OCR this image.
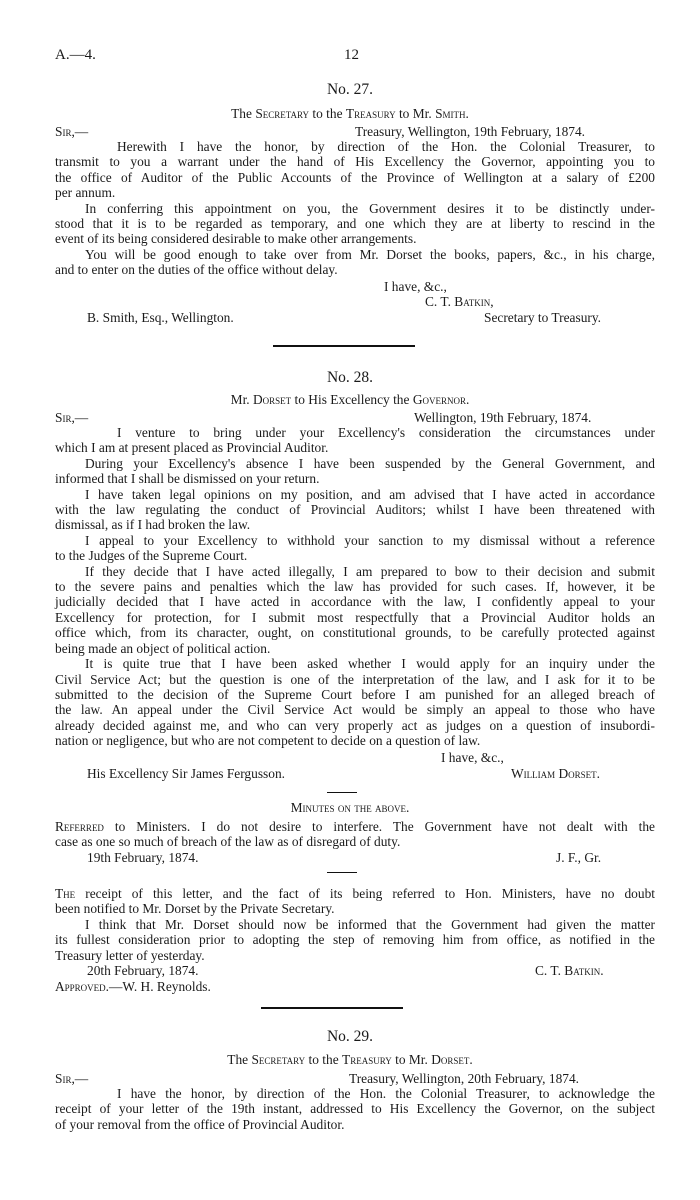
A.—4.	12
No. 27.
The Secretary to the Treasury to Mr. Smith.
Sir,—	Treasury, Wellington, 19th February, 1874.

Herewith I have the honor, by direction of the Hon. the Colonial Treasurer, to

transmit to you a warrant under the hand of His Excellency the Governor, appointing you to

the office of Auditor of the Public Accounts of the Province of Wellington at a salary of £200

per annum.

In conferring this appointment on you, the Government desires it to be distinctly under-

stood that it is to be regarded as temporary, and one which they are at liberty to rescind in the

event of its being considered desirable to make other arrangements.

You will be good enough to take over from Mr. Dorset the books, papers, &c., in his charge,

and to enter on the duties of the office without delay.

I have, &c.,
C. T. Batkin,
B. Smith, Esq., Wellington.	Secretary to Treasury.
No. 28.
Mr. Dorset to His Excellency the Governor.
Sir,—	Wellington, 19th February, 1874.

I venture to bring under your Excellency's consideration the circumstances under

which I am at present placed as Provincial Auditor.

During your Excellency's absence I have been suspended by the General Government, and

informed that I shall be dismissed on your return.

I have taken legal opinions on my position, and am advised that I have acted in accordance

with the law regulating the conduct of Provincial Auditors; whilst I have been threatened with

dismissal, as if I had broken the law.

I appeal to your Excellency to withhold your sanction to my dismissal without a reference

to the Judges of the Supreme Court.

If they decide that I have acted illegally, I am prepared to bow to their decision and submit

to the severe pains and penalties which the law has provided for such cases. If, however, it be

judicially decided that I have acted in accordance with the law, I confidently appeal to your

Excellency for protection, for I submit most respectfully that a Provincial Auditor holds an

office which, from its character, ought, on constitutional grounds, to be carefully protected against

being made an object of political action.

It is quite true that I have been asked whether I would apply for an inquiry under the

Civil Service Act; but the question is one of the interpretation of the law, and I ask for it to be

submitted to the decision of the Supreme Court before I am punished for an alleged breach of

the law. An appeal under the Civil Service Act would be simply an appeal to those who have

already decided against me, and who can very properly act as judges on a question of insubordi-

nation or negligence, but who are not competent to decide on a question of law.

I have, &c.,
His Excellency Sir James Fergusson.	William Dorset.
Minutes on the above.

Referred to Ministers. I do not desire to interfere. The Government have not dealt with the

case as one so much of breach of the law as of disregard of duty.

19th February, 1874.	J. F., Gr.

The receipt of this letter, and the fact of its being referred to Hon. Ministers, have no doubt

been notified to Mr. Dorset by the Private Secretary.

I think that Mr. Dorset should now be informed that the Government had given the matter

its fullest consideration prior to adopting the step of removing him from office, as notified in the

Treasury letter of yesterday.

20th February, 1874.	C. T. Batkin.
Approved.—W. H. Reynolds.
No. 29.
The Secretary to the Treasury to Mr. Dorset.
Sir,—	Treasury, Wellington, 20th February, 1874.

I have the honor, by direction of the Hon. the Colonial Treasurer, to acknowledge the

receipt of your letter of the 19th instant, addressed to His Excellency the Governor, on the subject

of your removal from the office of Provincial Auditor.
